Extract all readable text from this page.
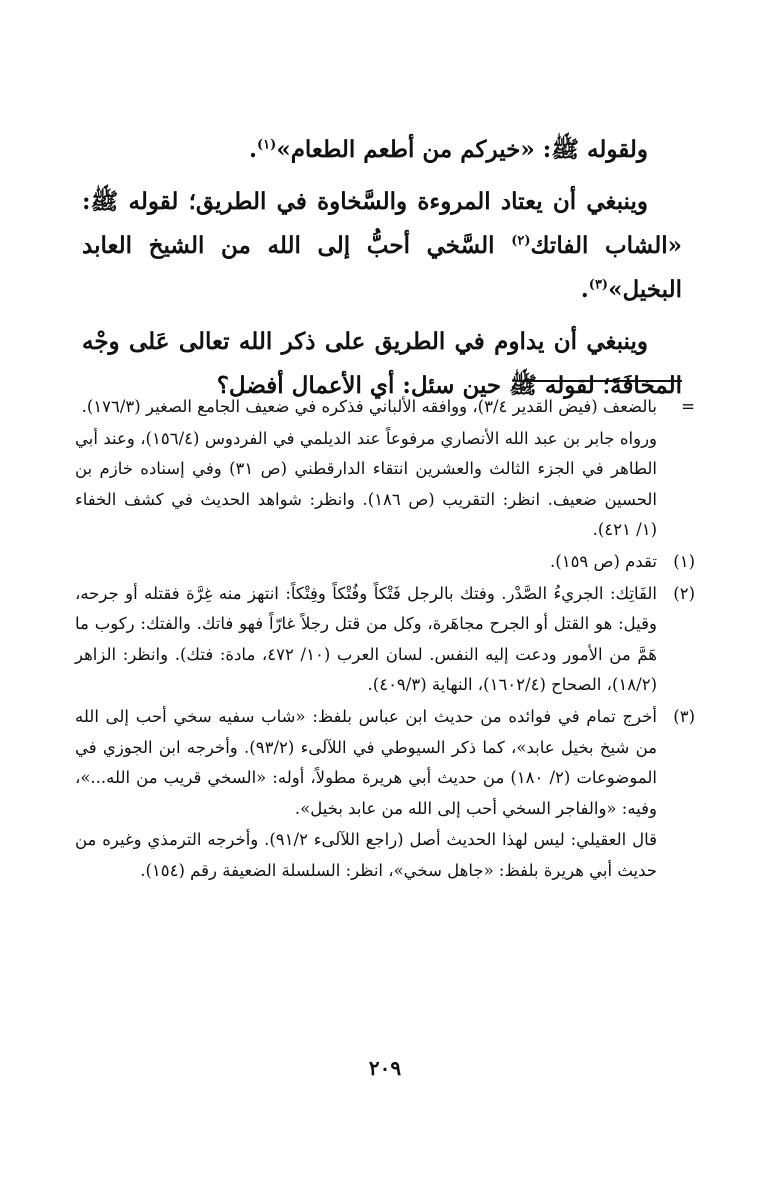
ولقوله ﷺ: «خيركم من أطعم الطعام»$^{(١)}$.

وينبغي أن يعتاد المروءة والسَّخاوة في الطريق؛ لقوله ﷺ: «الشاب الفاتك$^{(٢)}$ السَّخي أحبُّ إلى الله من الشيخ العابد البخيل»$^{(٣)}$.

وينبغي أن يداوم في الطريق على ذكر الله تعالى عَلى وجْه المخافَةَ؛ لقوله ﷺ حين سئل: أي الأعمال أفضل؟

=
بالضعف (فيض القدير ٣/٤)، ووافقه الألباني فذكره في ضعيف الجامع الصغير (١٧٦/٣).
ورواه جابر بن عبد الله الأنصاري مرفوعاً عند الديلمي في الفردوس (١٥٦/٤)، وعند أبي الطاهر في الجزء الثالث والعشرين انتقاء الدارقطني (ص ٣١) وفي إسناده خازم بن الحسين ضعيف. انظر: التقريب (ص ١٨٦). وانظر: شواهد الحديث في كشف الخفاء (١/ ٤٢١).
(١)
تقدم (ص ١٥٩).
(٢)
الفَاتِك: الجريءُ الصَّدْر. وفتك بالرجل فَتْكاً وفُتْكاً وفِتْكاً: انتهز منه غِرَّة فقتله أو جرحه، وقيل: هو القتل أو الجرح مجاهَرة، وكل من قتل رجلاً غارّاً فهو فاتك. والفتك: ركوب ما هَمَّ من الأمور ودعت إليه النفس. لسان العرب (١٠/ ٤٧٢، مادة: فتك). وانظر: الزاهر (١٨/٢)، الصحاح (١٦٠٢/٤)، النهاية (٤٠٩/٣).
(٣)
أخرج تمام في فوائده من حديث ابن عباس بلفظ: «شاب سفيه سخي أحب إلى الله من شيخ بخيل عابد»، كما ذكر السيوطي في اللآلىء (٩٣/٢). وأخرجه ابن الجوزي في الموضوعات (٢/ ١٨٠) من حديث أبي هريرة مطولاً، أوله: «السخي قريب من الله...»، وفيه: «والفاجر السخي أحب إلى الله من عابد بخيل».
قال العقيلي: ليس لهذا الحديث أصل (راجع اللآلىء ٩١/٢). وأخرجه الترمذي وغيره من حديث أبي هريرة بلفظ: «جاهل سخي»، انظر: السلسلة الضعيفة رقم (١٥٤).
٢٠٩
